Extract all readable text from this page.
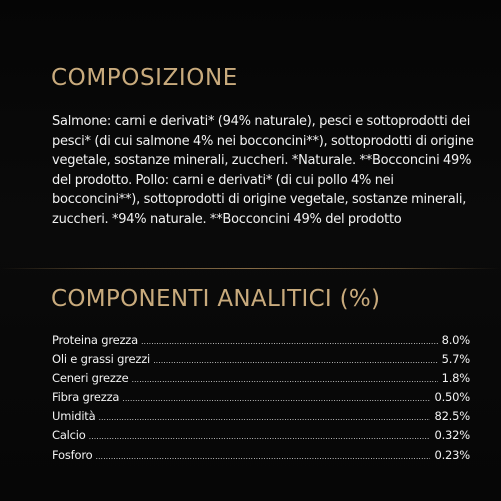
COMPOSIZIONE

Salmone: carni e derivati* (94% naturale), pesci e sottoprodotti dei pesci* (di cui salmone 4% nei bocconcini**), sottoprodotti di origine vegetale, sostanze minerali, zuccheri. *Naturale. **Bocconcini 49% del prodotto. Pollo: carni e derivati* (di cui pollo 4% nei bocconcini**), sottoprodotti di origine vegetale, sostanze minerali, zuccheri. *94% naturale. **Bocconcini 49% del prodotto

COMPONENTI ANALITICI (%)
Proteina grezza .....	8.0%
Oli e grassi grezzi .....	5.7%
Ceneri grezze .....	1.8%
Fibra grezza .....	0.50%
Umidità .....	82.5%
Calcio .....	0.32%
Fosforo .....	0.23%
